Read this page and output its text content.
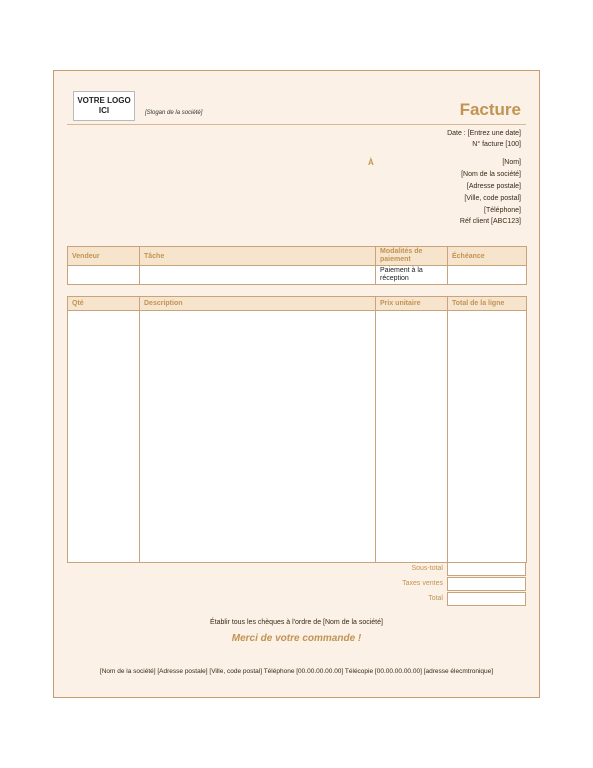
VOTRE LOGO ICI	[Slogan de la société]	Facture
Date : [Entrez une date]
N° facture [100]
À	[Nom]
[Nom de la société]
[Adresse postale]
[Ville, code postal]
[Téléphone]
Réf client [ABC123]
Vendeur	Tâche	Modalités de paiement	Échéance
		Paiement à la réception	
Qté	Description	Prix unitaire	Total de la ligne

Sous-total
Taxes ventes
Total
Établir tous les chèques à l'ordre de [Nom de la société]
Merci de votre commande !
[Nom de la société] [Adresse postale] [Ville, code postal] Téléphone [00.00.00.00.00] Télécopie [00.00.00.00.00] [adresse élecmtronique]
